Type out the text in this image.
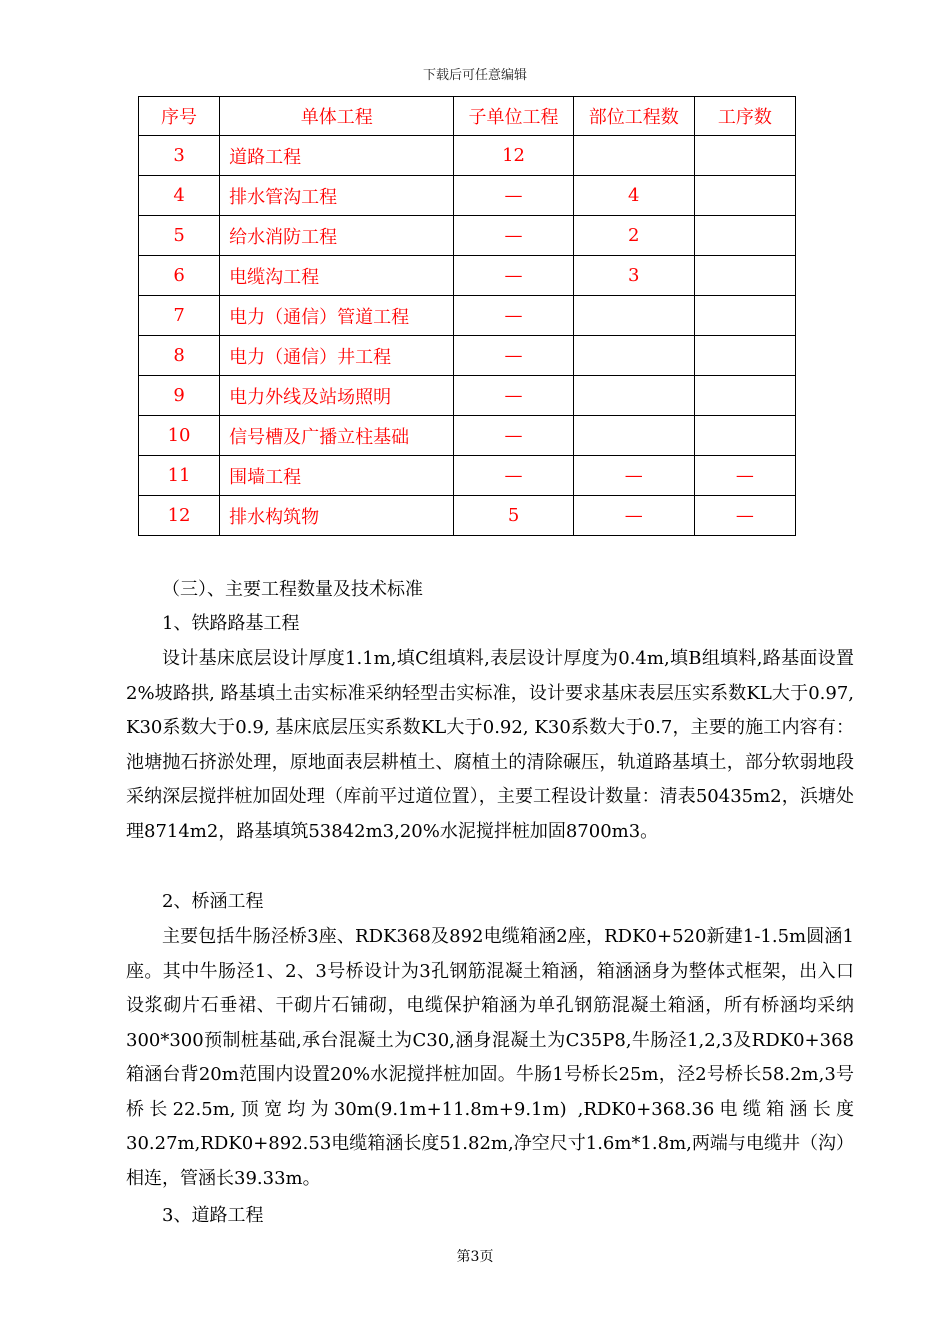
下载后可任意编辑
序号	单体工程	子单位工程	部位工程数	工序数
3	道路工程	12		
4	排水管沟工程	—	4	
5	给水消防工程	—	2	
6	电缆沟工程	—	3	
7	电力（通信）管道工程	—		
8	电力（通信）井工程	—		
9	电力外线及站场照明	—		
10	信号槽及广播立柱基础	—		
11	围墙工程	—	—	—
12	排水构筑物	5	—	—
（三）、主要工程数量及技术标准
1、铁路路基工程

设计基床底层设计厚度1.1m,填C组填料,表层设计厚度为0.4m,填B组填料,路基面设置2%坡路拱, 路基填土击实标准采纳轻型击实标准，设计要求基床表层压实系数KL大于0.97, K30系数大于0.9, 基床底层压实系数KL大于0.92, K30系数大于0.7，主要的施工内容有：池塘抛石挤淤处理，原地面表层耕植土、腐植土的清除碾压，轨道路基填土，部分软弱地段采纳深层搅拌桩加固处理（库前平过道位置），主要工程设计数量：清表50435m2，浜塘处理8714m2，路基填筑53842m3,20%水泥搅拌桩加固8700m3。

2、桥涵工程

主要包括牛肠泾桥3座、RDK368及892电缆箱涵2座，RDK0+520新建1-1.5m圆涵1座。其中牛肠泾1、2、3号桥设计为3孔钢筋混凝土箱涵，箱涵涵身为整体式框架，出入口设浆砌片石垂裙、干砌片石铺砌，电缆保护箱涵为单孔钢筋混凝土箱涵，所有桥涵均采纳300*300预制桩基础,承台混凝土为C30,涵身混凝土为C35P8,牛肠泾1,2,3及RDK0+368箱涵台背20m范围内设置20%水泥搅拌桩加固。牛肠1号桥长25m，泾2号桥长58.2m,3号桥长22.5m,顶宽均为30m(9.1m+11.8m+9.1m) ,RDK0+368.36电缆箱涵长度30.27m,RDK0+892.53电缆箱涵长度51.82m,净空尺寸1.6m*1.8m,两端与电缆井（沟）相连，管涵长39.33m。

3、道路工程
第3页
